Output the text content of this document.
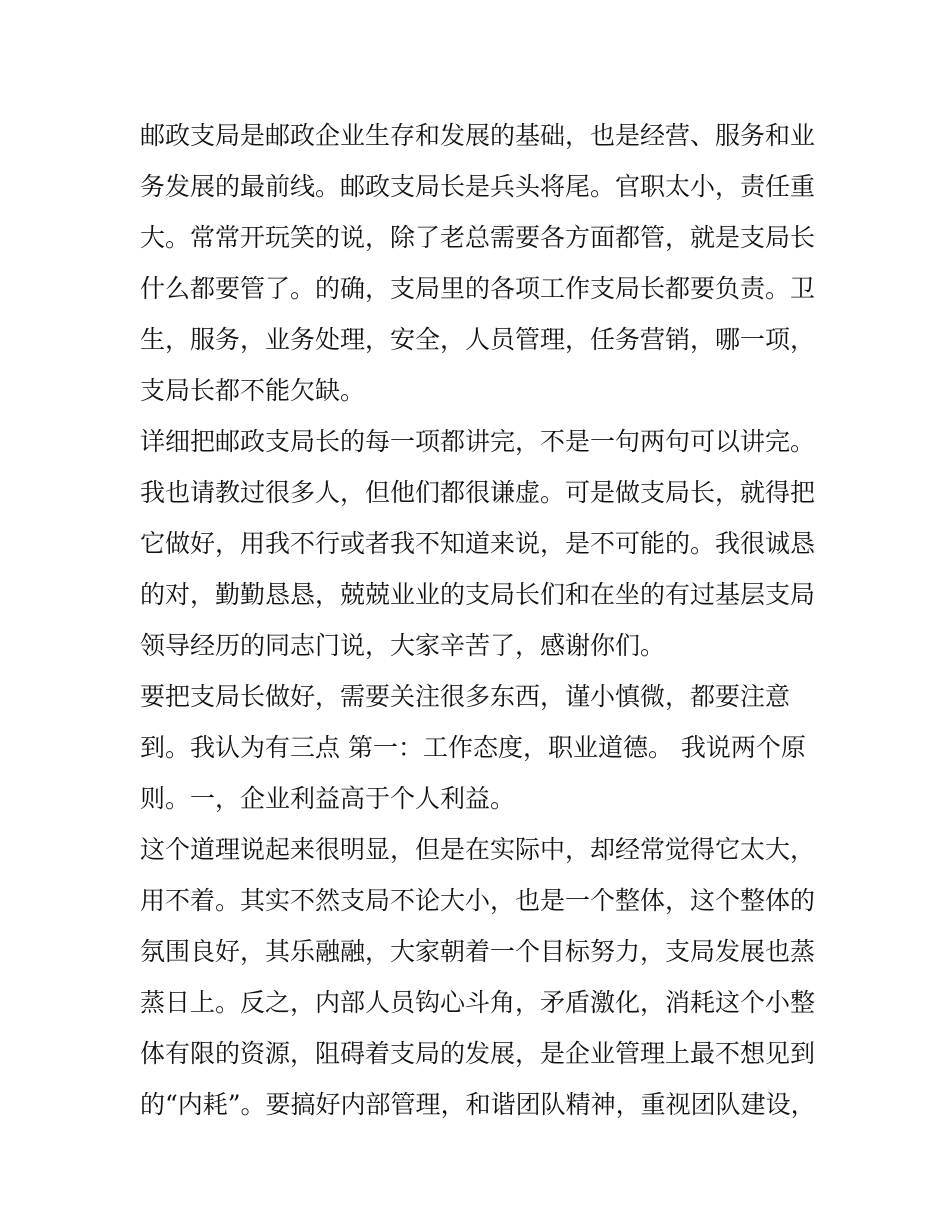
邮政支局是邮政企业生存和发展的基础，也是经营、服务和业
务发展的最前线。邮政支局长是兵头将尾。官职太小，责任重
大。常常开玩笑的说，除了老总需要各方面都管，就是支局长
什么都要管了。的确，支局里的各项工作支局长都要负责。卫
生，服务，业务处理，安全，人员管理，任务营销，哪一项，
支局长都不能欠缺。
详细把邮政支局长的每一项都讲完，不是一句两句可以讲完。
我也请教过很多人，但他们都很谦虚。可是做支局长，就得把
它做好，用我不行或者我不知道来说，是不可能的。我很诚恳
的对，勤勤恳恳，兢兢业业的支局长们和在坐的有过基层支局
领导经历的同志门说，大家辛苦了，感谢你们。
要把支局长做好，需要关注很多东西，谨小慎微，都要注意
到。我认为有三点 第一：工作态度，职业道德。 我说两个原
则。一，企业利益高于个人利益。
这个道理说起来很明显，但是在实际中，却经常觉得它太大，
用不着。其实不然支局不论大小，也是一个整体，这个整体的
氛围良好，其乐融融，大家朝着一个目标努力，支局发展也蒸
蒸日上。反之，内部人员钩心斗角，矛盾激化，消耗这个小整
体有限的资源，阻碍着支局的发展，是企业管理上最不想见到
的“内耗”。要搞好内部管理，和谐团队精神，重视团队建设，
